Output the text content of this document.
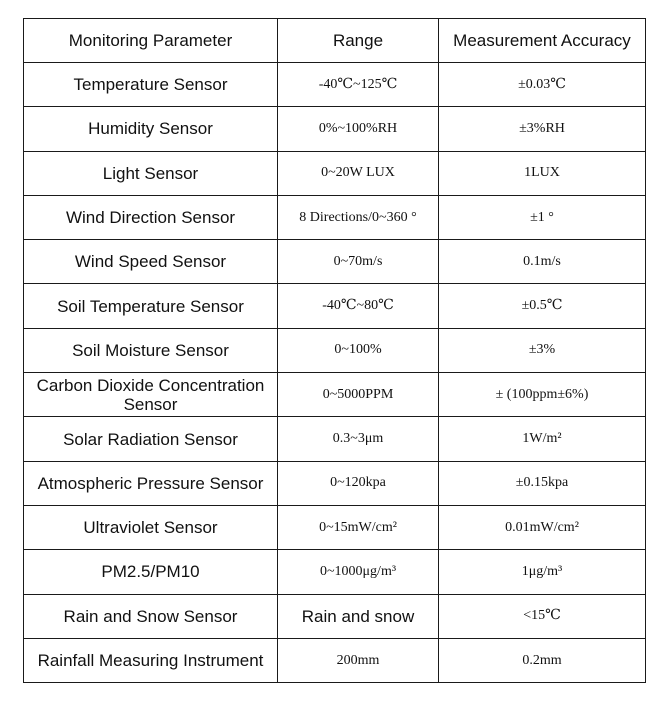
Monitoring Parameter	Range	Measurement Accuracy
Temperature Sensor	-40℃~125℃	±0.03℃
Humidity Sensor	0%~100%RH	±3%RH
Light Sensor	0~20W LUX	1LUX
Wind Direction Sensor	8 Directions/0~360 °	±1 °
Wind Speed Sensor	0~70m/s	0.1m/s
Soil Temperature Sensor	-40℃~80℃	±0.5℃
Soil Moisture Sensor	0~100%	±3%
Carbon Dioxide Concentration Sensor	0~5000PPM	± (100ppm±6%)
Solar Radiation Sensor	0.3~3μm	1W/m²
Atmospheric Pressure Sensor	0~120kpa	±0.15kpa
Ultraviolet Sensor	0~15mW/cm²	0.01mW/cm²
PM2.5/PM10	0~1000μg/m³	1μg/m³
Rain and Snow Sensor	Rain and snow	<15℃
Rainfall Measuring Instrument	200mm	0.2mm
